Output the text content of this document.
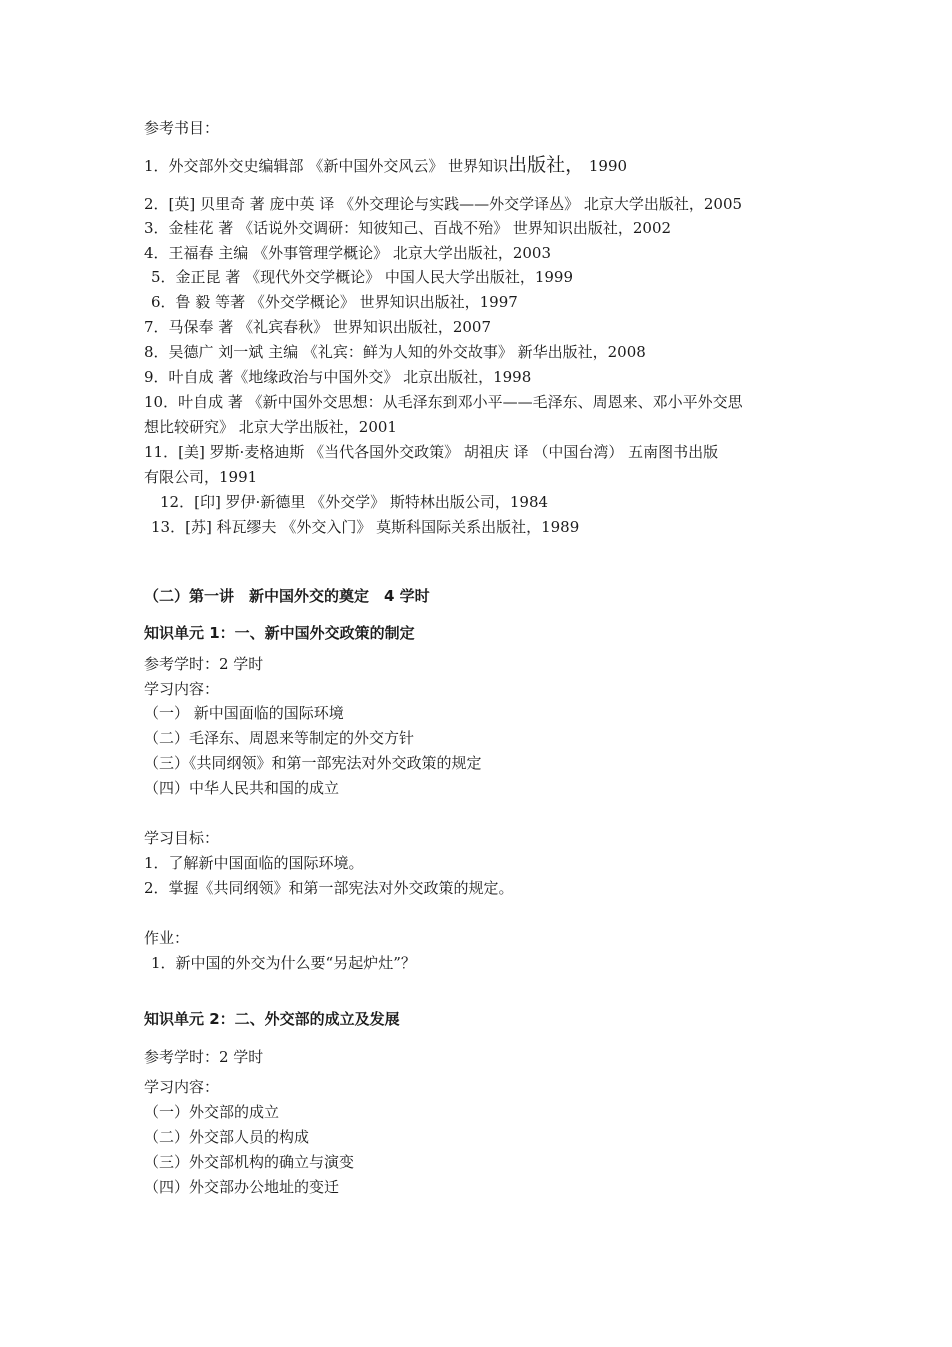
参考书目：
1．外交部外交史编辑部 《新中国外交风云》 世界知识出版社， 1990
2．[英] 贝里奇 著 庞中英 译 《外交理论与实践——外交学译丛》 北京大学出版社，2005
3．金桂花 著 《话说外交调研：知彼知己、百战不殆》 世界知识出版社，2002
4．王福春 主编 《外事管理学概论》 北京大学出版社，2003
5．金正昆 著 《现代外交学概论》 中国人民大学出版社，1999
6．鲁 毅 等著 《外交学概论》 世界知识出版社，1997
7．马保奉 著 《礼宾春秋》 世界知识出版社，2007
8．吴德广 刘一斌 主编 《礼宾：鲜为人知的外交故事》 新华出版社，2008
9．叶自成 著《地缘政治与中国外交》 北京出版社，1998
10．叶自成 著 《新中国外交思想：从毛泽东到邓小平——毛泽东、周恩来、邓小平外交思
想比较研究》 北京大学出版社，2001
11．[美] 罗斯·麦格迪斯 《当代各国外交政策》 胡祖庆 译 （中国台湾） 五南图书出版
有限公司，1991
12．[印] 罗伊·新德里 《外交学》 斯特林出版公司，1984
13．[苏] 科瓦缪夫 《外交入门》 莫斯科国际关系出版社，1989
（二）第一讲　新中国外交的奠定　4 学时
知识单元 1：一、新中国外交政策的制定
参考学时：2 学时
学习内容：
（一） 新中国面临的国际环境
（二）毛泽东、周恩来等制定的外交方针
（三）《共同纲领》和第一部宪法对外交政策的规定
（四）中华人民共和国的成立
学习目标：
1．了解新中国面临的国际环境。
2．掌握《共同纲领》和第一部宪法对外交政策的规定。
作业：
1．新中国的外交为什么要“另起炉灶”？
知识单元 2：二、外交部的成立及发展
参考学时：2 学时
学习内容：
（一）外交部的成立
（二）外交部人员的构成
（三）外交部机构的确立与演变
（四）外交部办公地址的变迁
